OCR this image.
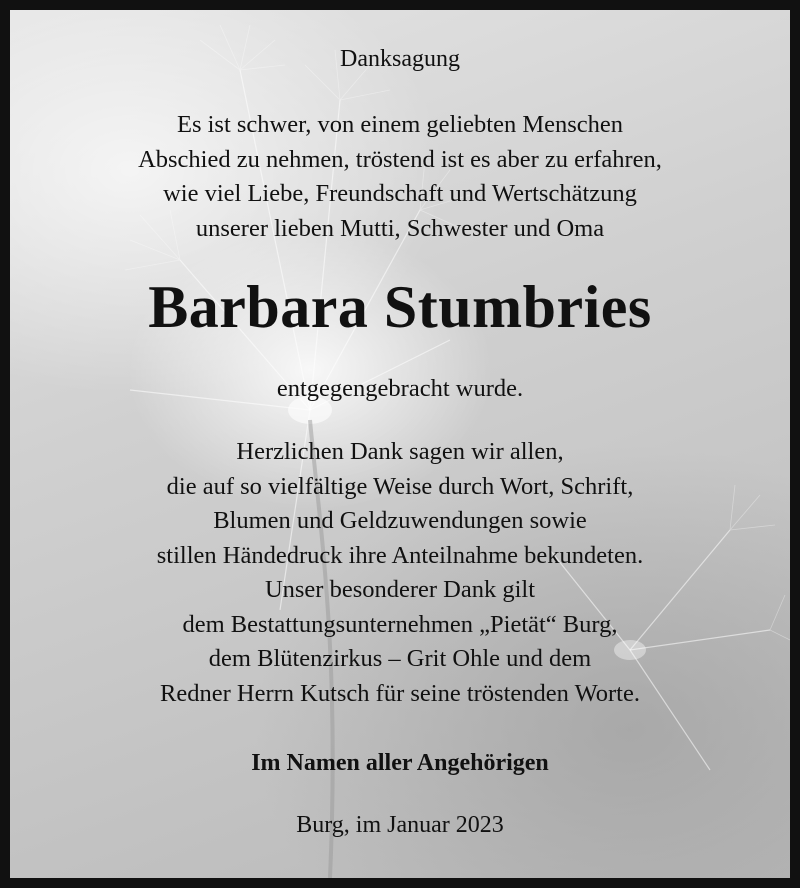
Danksagung
Es ist schwer, von einem geliebten Menschen
Abschied zu nehmen, tröstend ist es aber zu erfahren,
wie viel Liebe, Freundschaft und Wertschätzung
unserer lieben Mutti, Schwester und Oma
Barbara Stumbries
entgegengebracht wurde.
Herzlichen Dank sagen wir allen,
die auf so vielfältige Weise durch Wort, Schrift,
Blumen und Geldzuwendungen sowie
stillen Händedruck ihre Anteilnahme bekundeten.
Unser besonderer Dank gilt
dem Bestattungsunternehmen „Pietät“ Burg,
dem Blütenzirkus – Grit Ohle und dem
Redner Herrn Kutsch für seine tröstenden Worte.
Im Namen aller Angehörigen
Burg, im Januar 2023
